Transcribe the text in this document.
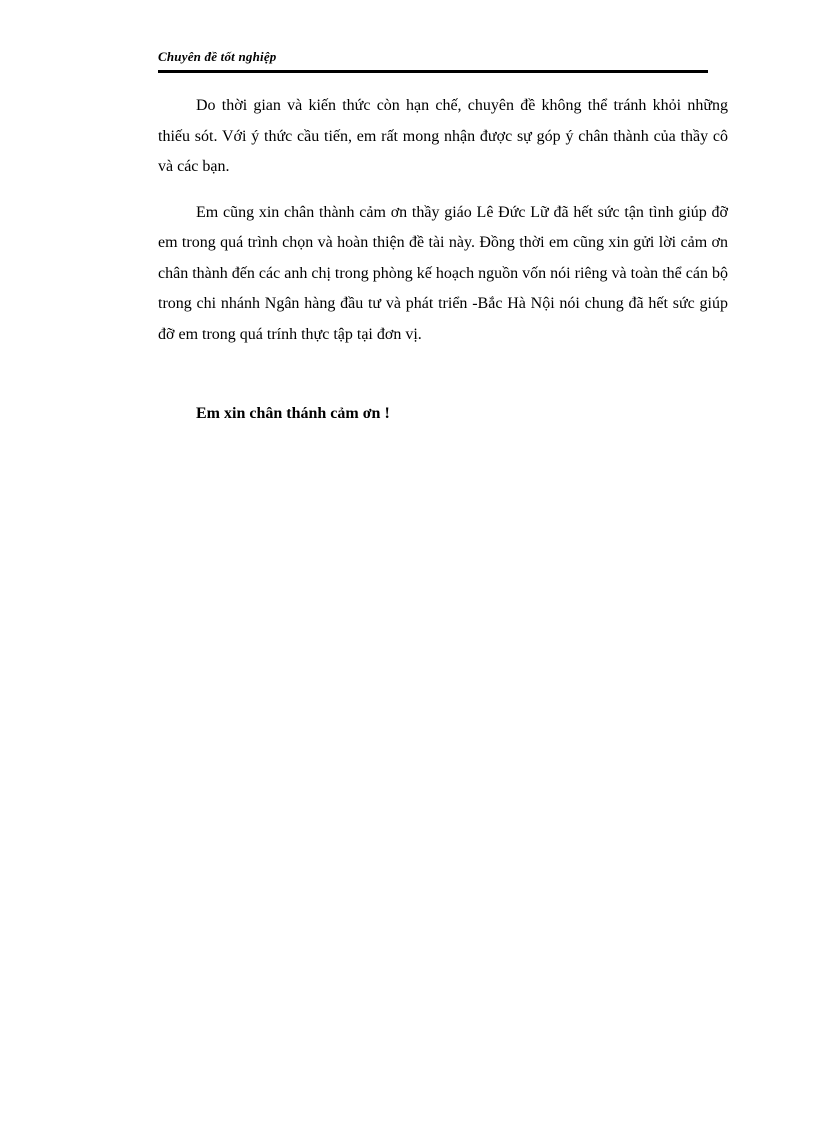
Chuyên đề tốt nghiệp

Do thời gian và kiến thức còn hạn chế, chuyên đề không thể tránh khỏi những thiếu sót. Với ý thức cầu tiến, em rất mong nhận được sự góp ý chân thành của thầy cô và các bạn.

Em cũng xin chân thành cảm ơn thầy giáo Lê Đức Lữ đã hết sức tận tình giúp đỡ em trong quá trình chọn và hoàn thiện đề tài này. Đồng thời em cũng xin gửi lời cảm ơn chân thành đến các anh chị trong phòng kế hoạch nguồn vốn nói riêng và toàn thể cán bộ trong chi nhánh Ngân hàng đầu tư và phát triển -Bắc Hà Nội nói chung đã hết sức giúp đỡ em trong quá trính thực tập tại đơn vị.

Em xin chân thánh cảm ơn !
